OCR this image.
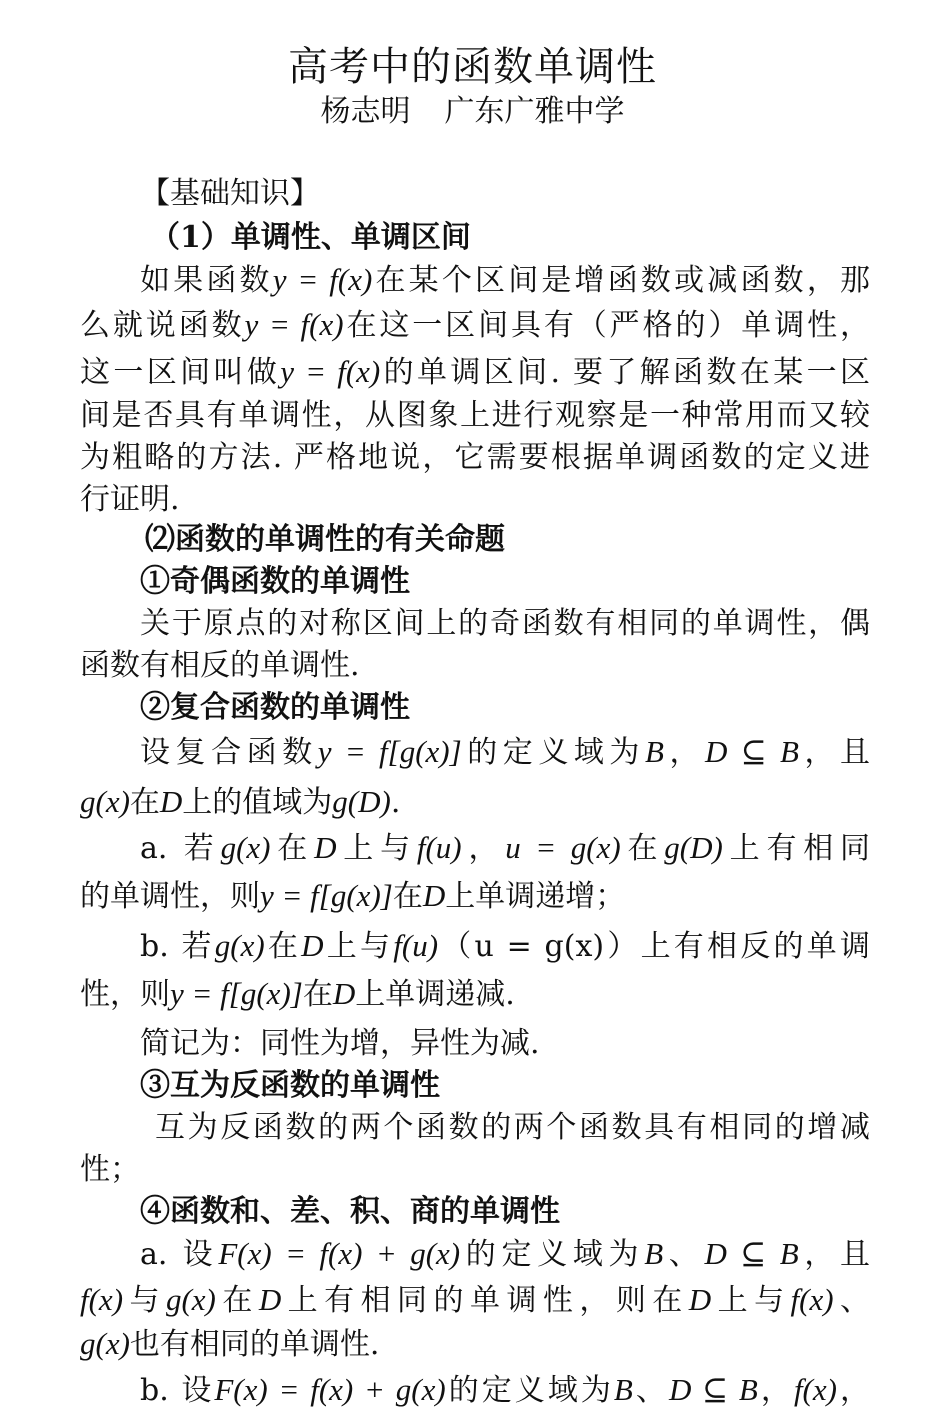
高考中的函数单调性
杨志明 广东广雅中学
【基础知识】
（1）单调性、单调区间
如果函数y = f(x)在某个区间是增函数或减函数，那
么就说函数y = f(x)在这一区间具有（严格的）单调性，
这一区间叫做y = f(x)的单调区间. 要了解函数在某一区
间是否具有单调性，从图象上进行观察是一种常用而又较
为粗略的方法. 严格地说，它需要根据单调函数的定义进
行证明.
⑵函数的单调性的有关命题
①奇偶函数的单调性
关于原点的对称区间上的奇函数有相同的单调性，偶
函数有相反的单调性.
②复合函数的单调性
设复合函数y = f[g(x)]的定义域为B，D ⊆ B，且
g(x)在D上的值域为g(D).
a. 若g(x)在D上与f(u)，u = g(x)在g(D)上有相同
的单调性，则y = f[g(x)]在D上单调递增；
b. 若g(x)在D上与f(u)（u = g(x)）上有相反的单调
性，则y = f[g(x)]在D上单调递减.
简记为：同性为增，异性为减.
③互为反函数的单调性
互为反函数的两个函数的两个函数具有相同的增减
性；
④函数和、差、积、商的单调性
a. 设F(x) = f(x) + g(x)的定义域为B、D ⊆ B，且
f(x)与g(x)在D上有相同的单调性，则在D上与f(x)、
g(x)也有相同的单调性.
b. 设F(x) = f(x) + g(x)的定义域为B、D ⊆ B，f(x)，
